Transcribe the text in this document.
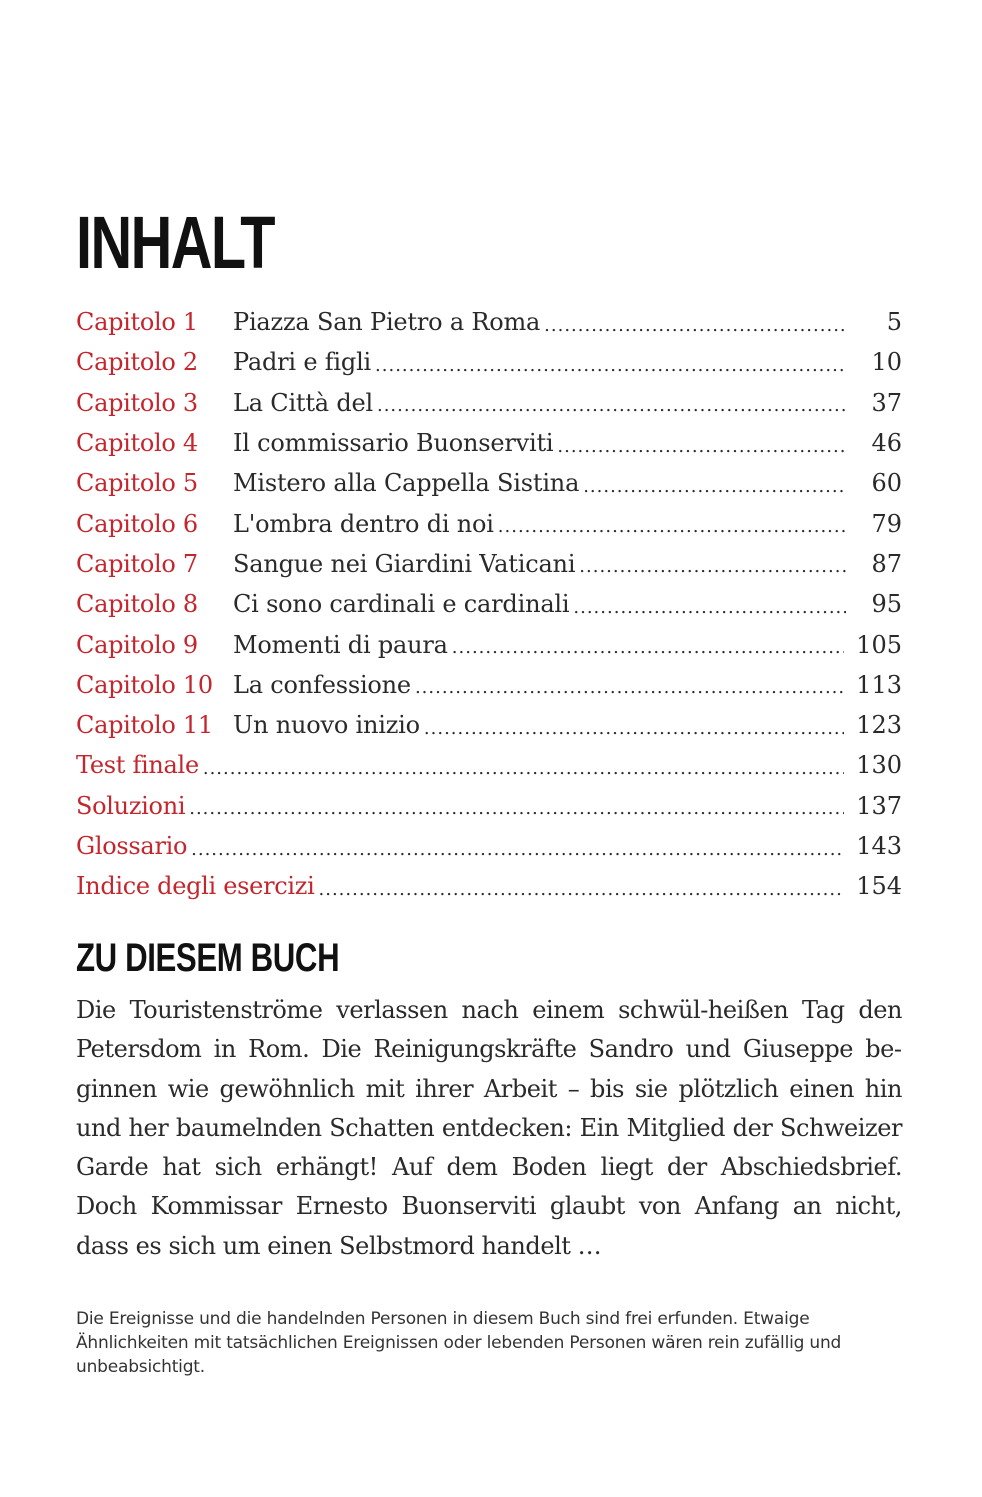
INHALT
Capitolo 1	Piazza San Pietro a Roma .....	5
Capitolo 2	Padri e figli .....	10
Capitolo 3	La Città del .....	37
Capitolo 4	Il commissario Buonserviti .....	46
Capitolo 5	Mistero alla Cappella Sistina .....	60
Capitolo 6	L'ombra dentro di noi .....	79
Capitolo 7	Sangue nei Giardini Vaticani .....	87
Capitolo 8	Ci sono cardinali e cardinali .....	95
Capitolo 9	Momenti di paura .....	105
Capitolo 10 La confessione .....	113
Capitolo 11 Un nuovo inizio .....	123
Test finale .....	130
Soluzioni .....	137
Glossario .....	143
Indice degli esercizi .....	154
ZU DIESEM BUCH

Die Touristenströme verlassen nach einem schwül-heißen Tag den Petersdom in Rom. Die Reinigungskräfte Sandro und Giuseppe beginnen wie gewöhnlich mit ihrer Arbeit – bis sie plötzlich einen hin und her baumelnden Schatten entdecken: Ein Mitglied der Schweizer Garde hat sich erhängt! Auf dem Boden liegt der Abschiedsbrief. Doch Kommissar Ernesto Buonserviti glaubt von Anfang an nicht, dass es sich um einen Selbstmord handelt …

Die Ereignisse und die handelnden Personen in diesem Buch sind frei erfunden. Etwaige Ähnlichkeiten mit tatsächlichen Ereignissen oder lebenden Personen wären rein zufällig und unbeabsichtigt.
